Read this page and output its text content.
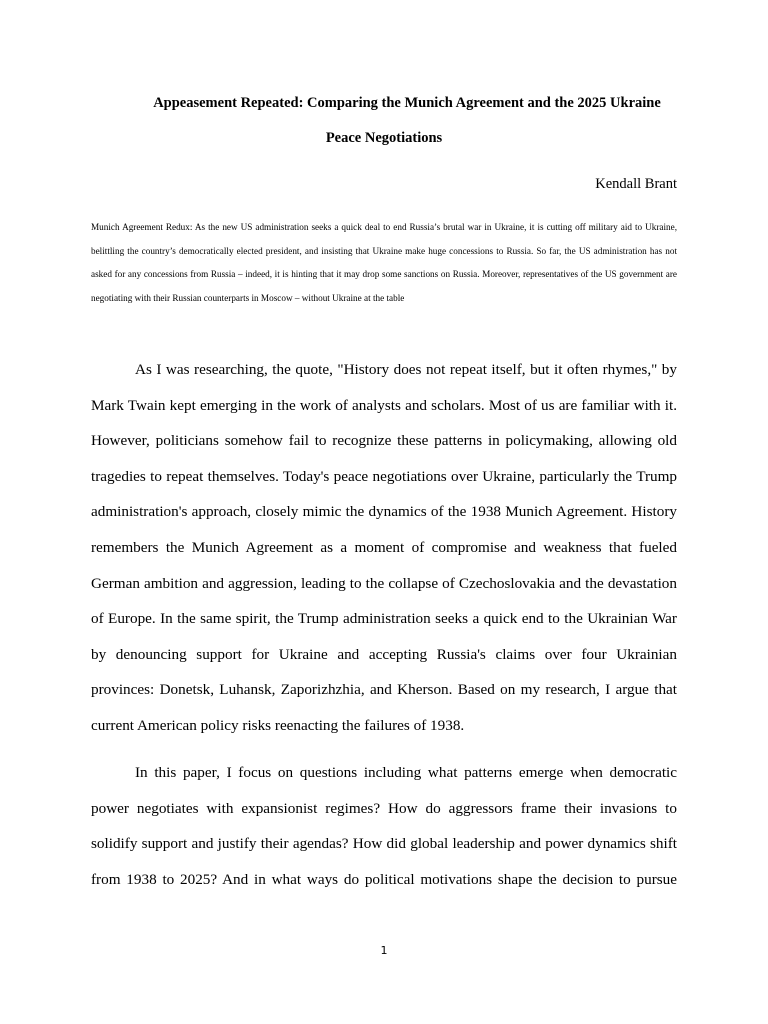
Appeasement Repeated: Comparing the Munich Agreement and the 2025 Ukraine
Peace Negotiations
Kendall Brant

Munich Agreement Redux: As the new US administration seeks a quick deal to end Russia’s brutal war in Ukraine, it is cutting off military aid to Ukraine, belittling the country’s democratically elected president, and insisting that Ukraine make huge concessions to Russia. So far, the US administration has not asked for any concessions from Russia – indeed, it is hinting that it may drop some sanctions on Russia. Moreover, representatives of the US government are negotiating with their Russian counterparts in Moscow – without Ukraine at the table

As I was researching, the quote, "History does not repeat itself, but it often rhymes," by Mark Twain kept emerging in the work of analysts and scholars. Most of us are familiar with it. However, politicians somehow fail to recognize these patterns in policymaking, allowing old tragedies to repeat themselves. Today's peace negotiations over Ukraine, particularly the Trump administration's approach, closely mimic the dynamics of the 1938 Munich Agreement. History remembers the Munich Agreement as a moment of compromise and weakness that fueled German ambition and aggression, leading to the collapse of Czechoslovakia and the devastation of Europe. In the same spirit, the Trump administration seeks a quick end to the Ukrainian War by denouncing support for Ukraine and accepting Russia's claims over four Ukrainian provinces: Donetsk, Luhansk, Zaporizhzhia, and Kherson. Based on my research, I argue that current American policy risks reenacting the failures of 1938.

In this paper, I focus on questions including what patterns emerge when democratic power negotiates with expansionist regimes? How do aggressors frame their invasions to solidify support and justify their agendas? How did global leadership and power dynamics shift from 1938 to 2025? And in what ways do political motivations shape the decision to pursue

1
